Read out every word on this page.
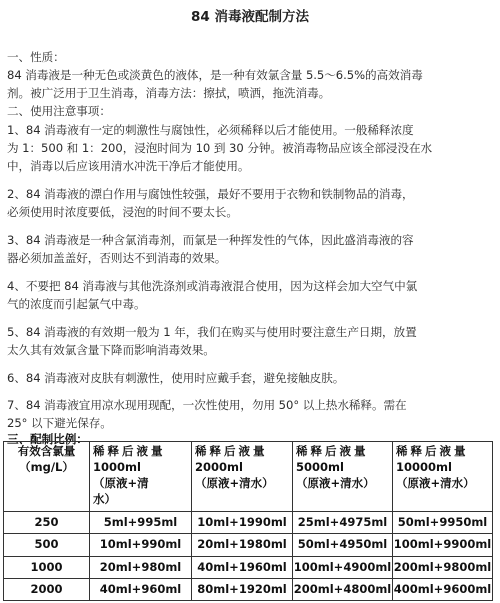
84 消毒液配制方法
一、性质：
84 消毒液是一种无色或淡黄色的液体，是一种有效氯含量 5.5～6.5%的高效消毒
剂。被广泛用于卫生消毒，消毒方法：擦拭，喷洒，拖洗消毒。
二、使用注意事项：
1、84 消毒液有一定的刺激性与腐蚀性，必须稀释以后才能使用。一般稀释浓度
为 1：500 和 1：200，浸泡时间为 10 到 30 分钟。被消毒物品应该全部浸没在水
中，消毒以后应该用清水冲洗干净后才能使用。
2、84 消毒液的漂白作用与腐蚀性较强，最好不要用于衣物和铁制物品的消毒，
必须使用时浓度要低，浸泡的时间不要太长。
3、84 消毒液是一种含氯消毒剂，而氯是一种挥发性的气体，因此盛消毒液的容
器必须加盖盖好，否则达不到消毒的效果。
4、不要把 84 消毒液与其他洗涤剂或消毒液混合使用，因为这样会加大空气中氯
气的浓度而引起氯气中毒。
5、84 消毒液的有效期一般为 1 年，我们在购买与使用时要注意生产日期，放置
太久其有效氯含量下降而影响消毒效果。
6、84 消毒液对皮肤有刺激性，使用时应戴手套，避免接触皮肤。
7、84 消毒液宜用凉水现用现配，一次性使用，勿用 50° 以上热水稀释。需在
25° 以下避光保存。
三、配制比例：
有效含氯量
（mg/L）	稀释后液量
1000ml
（原液+清
水）	稀释后液量
2000ml
（原液+清水）	稀释后液量
5000ml
（原液+清水）	稀释后液量
10000ml
（原液+清水）

250	5ml+995ml	10ml+1990ml	25ml+4975ml	50ml+9950ml
500	10ml+990ml	20ml+1980ml	50ml+4950ml	100ml+9900ml
1000	20ml+980ml	40ml+1960ml	100ml+4900ml	200ml+9800ml
2000	40ml+960ml	80ml+1920ml	200ml+4800ml	400ml+9600ml
